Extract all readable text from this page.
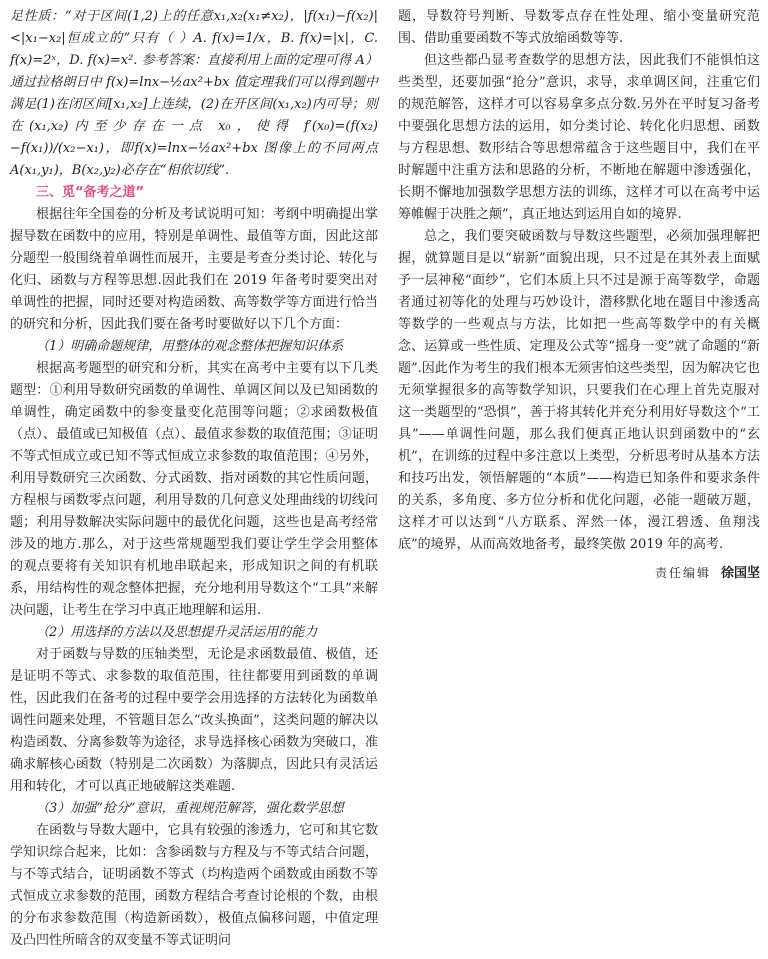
足性质：“对于区间(1,2)上的任意x₁,x₂(x₁≠x₂)，|f(x₁)−f(x₂)|<|x₁−x₂|恒成立的”只有（ ）A. f(x)=1/x，B. f(x)=|x|，C. f(x)=2ˣ，D. f(x)=x². 参考答案：直接利用上面的定理可得 A）通过拉格朗日中 f(x)=lnx−½ax²+bx 值定理我们可以得到题中满足(1)在闭区间[x₁,x₂]上连续，(2)在开区间(x₁,x₂)内可导；则在(x₁,x₂)内至少存在一点 x₀，使得 f′(x₀)=(f(x₂)−f(x₁))/(x₂−x₁)，即f(x)=lnx−½ax²+bx 图像上的不同两点 A(x₁,y₁)，B(x₂,y₂)必存在“相依切线”.

三、觅“备考之道”

根据往年全国卷的分析及考试说明可知：考纲中明确提出掌握导数在函数中的应用，特别是单调性、最值等方面，因此这部分题型一般围绕着单调性而展开，主要是考查分类讨论、转化与化归、函数与方程等思想.因此我们在 2019 年备考时要突出对单调性的把握，同时还要对构造函数、高等数学等方面进行恰当的研究和分析，因此我们要在备考时要做好以下几个方面：

（1）明确命题规律，用整体的观念整体把握知识体系

根据高考题型的研究和分析，其实在高考中主要有以下几类题型：①利用导数研究函数的单调性、单调区间以及已知函数的单调性，确定函数中的参变量变化范围等问题；②求函数极值（点）、最值或已知极值（点）、最值求参数的取值范围；③证明不等式恒成立或已知不等式恒成立求参数的取值范围；④另外，利用导数研究三次函数、分式函数、指对函数的其它性质问题，方程根与函数零点问题，利用导数的几何意义处理曲线的切线问题；利用导数解决实际问题中的最优化问题，这些也是高考经常涉及的地方.那么，对于这些常规题型我们要让学生学会用整体的观点要将有关知识有机地串联起来，形成知识之间的有机联系，用结构性的观念整体把握，充分地利用导数这个“工具”来解决问题，让考生在学习中真正地理解和运用.

（2）用选择的方法以及思想提升灵活运用的能力

对于函数与导数的压轴类型，无论是求函数最值、极值，还是证明不等式、求参数的取值范围，往往都要用到函数的单调性，因此我们在备考的过程中要学会用选择的方法转化为函数单调性问题来处理，不管题目怎么“改头换面”，这类问题的解决以构造函数、分离参数等为途径，求导选择核心函数为突破口，准确求解核心函数（特别是二次函数）为落脚点，因此只有灵活运用和转化，才可以真正地破解这类难题.

（3）加强“抢分”意识，重视规范解答，强化数学思想

在函数与导数大题中，它具有较强的渗透力，它可和其它数学知识综合起来，比如：含参函数与方程及与不等式结合问题，与不等式结合，证明函数不等式（均构造两个函数或由函数不等式恒成立求参数的范围，函数方程结合考查讨论根的个数，由根的分布求参数范围（构造新函数），极值点偏移问题，中值定理及凸凹性所暗含的双变量不等式证明问

题，导数符号判断、导数零点存在性处理、缩小变量研究范围、借助重要函数不等式放缩函数等等.

但这些都凸显考查数学的思想方法，因此我们不能惧怕这些类型，还要加强“抢分”意识，求导，求单调区间，注重它们的规范解答，这样才可以容易拿多点分数.另外在平时复习备考中要强化思想方法的运用，如分类讨论、转化化归思想、函数与方程思想、数形结合等思想常蕴含于这些题目中，我们在平时解题中注重方法和思路的分析，不断地在解题中渗透强化，长期不懈地加强数学思想方法的训练，这样才可以在高考中运筹帷幄于决胜之颠”，真正地达到运用自如的境界.

总之，我们要突破函数与导数这些题型，必须加强理解把握，就算题目是以“崭新”面貌出现，只不过是在其外表上面赋予一层神秘“面纱”，它们本质上只不过是源于高等数学，命题者通过初等化的处理与巧妙设计，潜移默化地在题目中渗透高等数学的一些观点与方法，比如把一些高等数学中的有关概念、运算或一些性质、定理及公式等“摇身一变”就了命题的“新题”.因此作为考生的我们根本无须害怕这些类型，因为解决它也无须掌握很多的高等数学知识，只要我们在心理上首先克服对这一类题型的“恐惧”，善于将其转化并充分利用好导数这个“工具”——单调性问题，那么我们便真正地认识到函数中的“玄机”，在训练的过程中多注意以上类型，分析思考时从基本方法和技巧出发，领悟解题的“本质”——构造已知条件和要求条件的关系，多角度、多方位分析和优化问题，必能一题破万题，这样才可以达到“八方联系、浑然一体，漫江碧透、鱼翔浅底”的境界，从而高效地备考，最终笑傲 2019 年的高考.

责任编辑 徐国坚
